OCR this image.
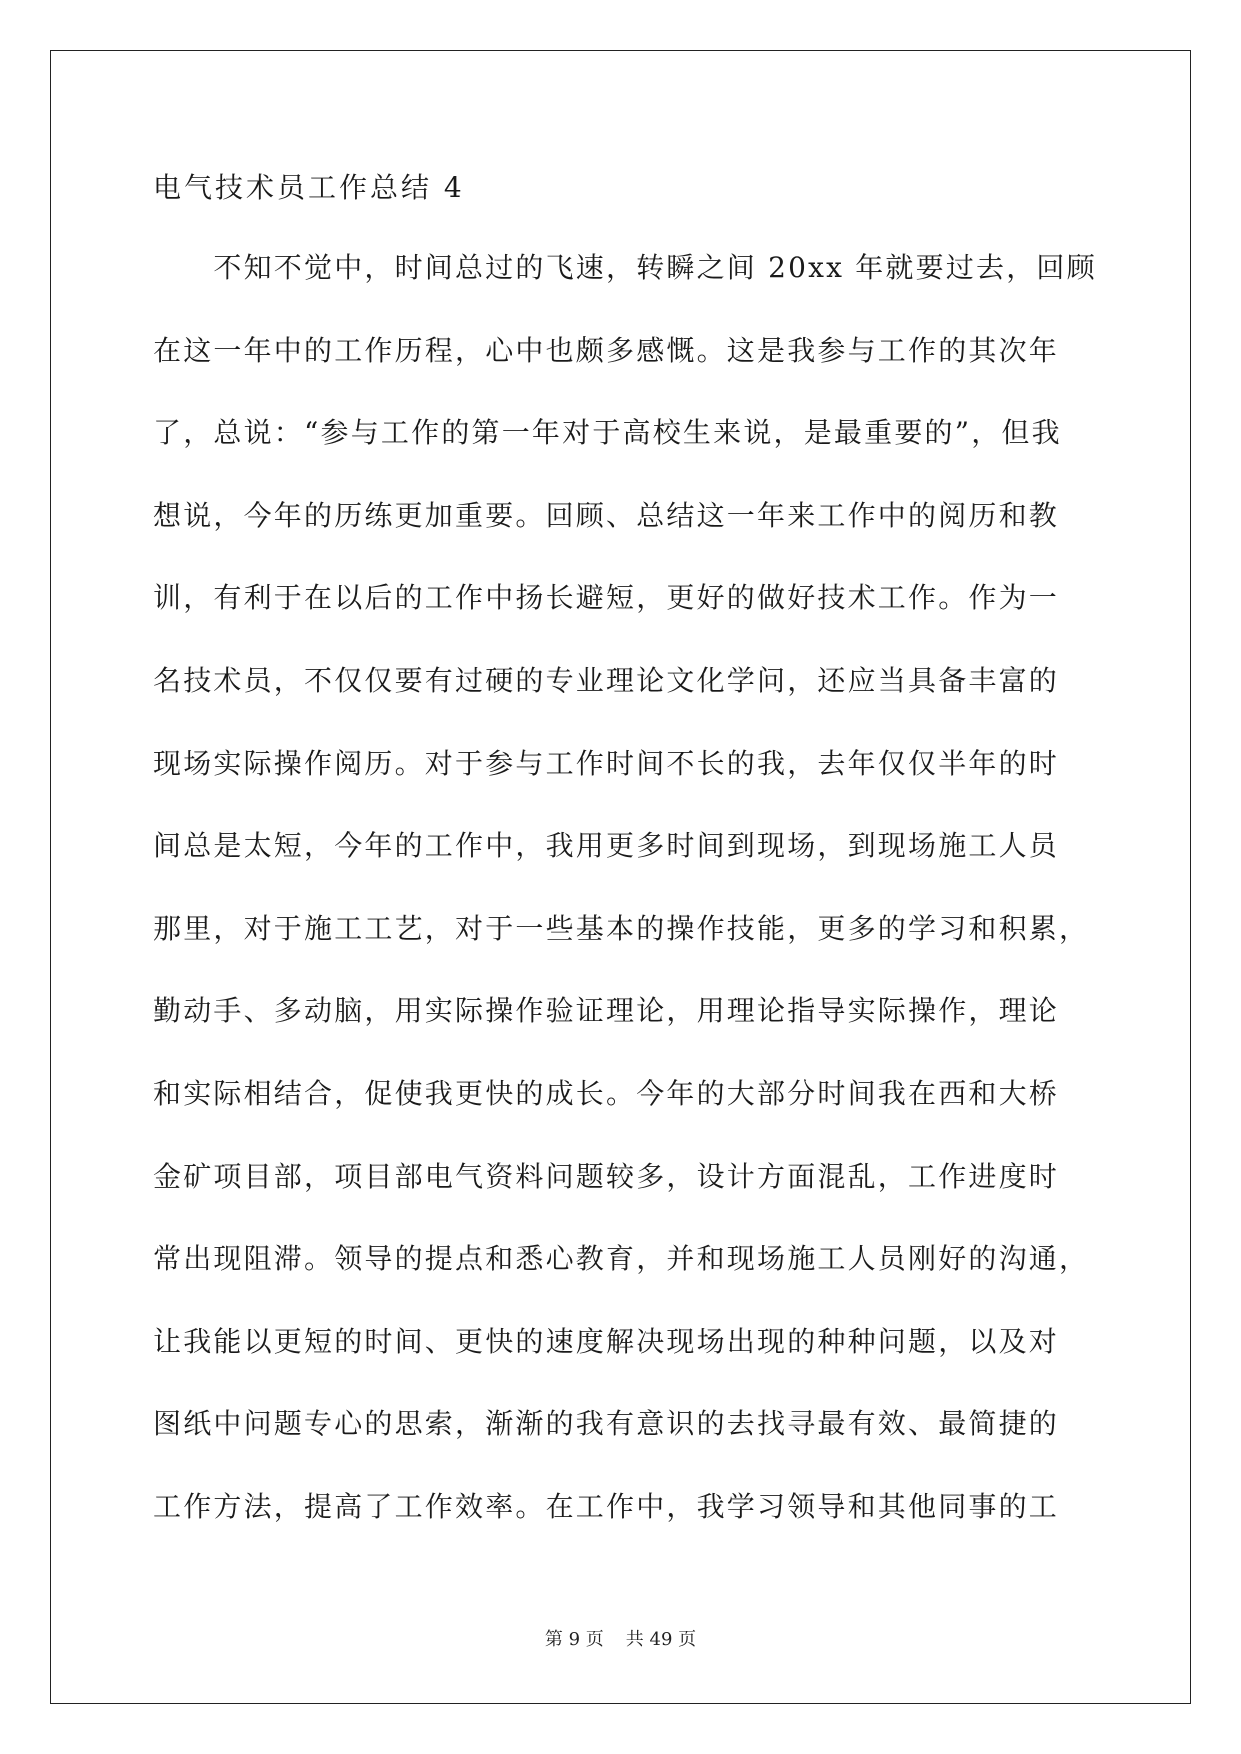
电气技术员工作总结 4
　　不知不觉中，时间总过的飞速，转瞬之间 20xx 年就要过去，回顾
在这一年中的工作历程，心中也颇多感慨。这是我参与工作的其次年
了，总说：“参与工作的第一年对于高校生来说，是最重要的”，但我
想说，今年的历练更加重要。回顾、总结这一年来工作中的阅历和教
训，有利于在以后的工作中扬长避短，更好的做好技术工作。作为一
名技术员，不仅仅要有过硬的专业理论文化学问，还应当具备丰富的
现场实际操作阅历。对于参与工作时间不长的我，去年仅仅半年的时
间总是太短，今年的工作中，我用更多时间到现场，到现场施工人员
那里，对于施工工艺，对于一些基本的操作技能，更多的学习和积累，
勤动手、多动脑，用实际操作验证理论，用理论指导实际操作，理论
和实际相结合，促使我更快的成长。今年的大部分时间我在西和大桥
金矿项目部，项目部电气资料问题较多，设计方面混乱，工作进度时
常出现阻滞。领导的提点和悉心教育，并和现场施工人员刚好的沟通，
让我能以更短的时间、更快的速度解决现场出现的种种问题，以及对
图纸中问题专心的思索，渐渐的我有意识的去找寻最有效、最简捷的
工作方法，提高了工作效率。在工作中，我学习领导和其他同事的工
第 9 页 共 49 页
